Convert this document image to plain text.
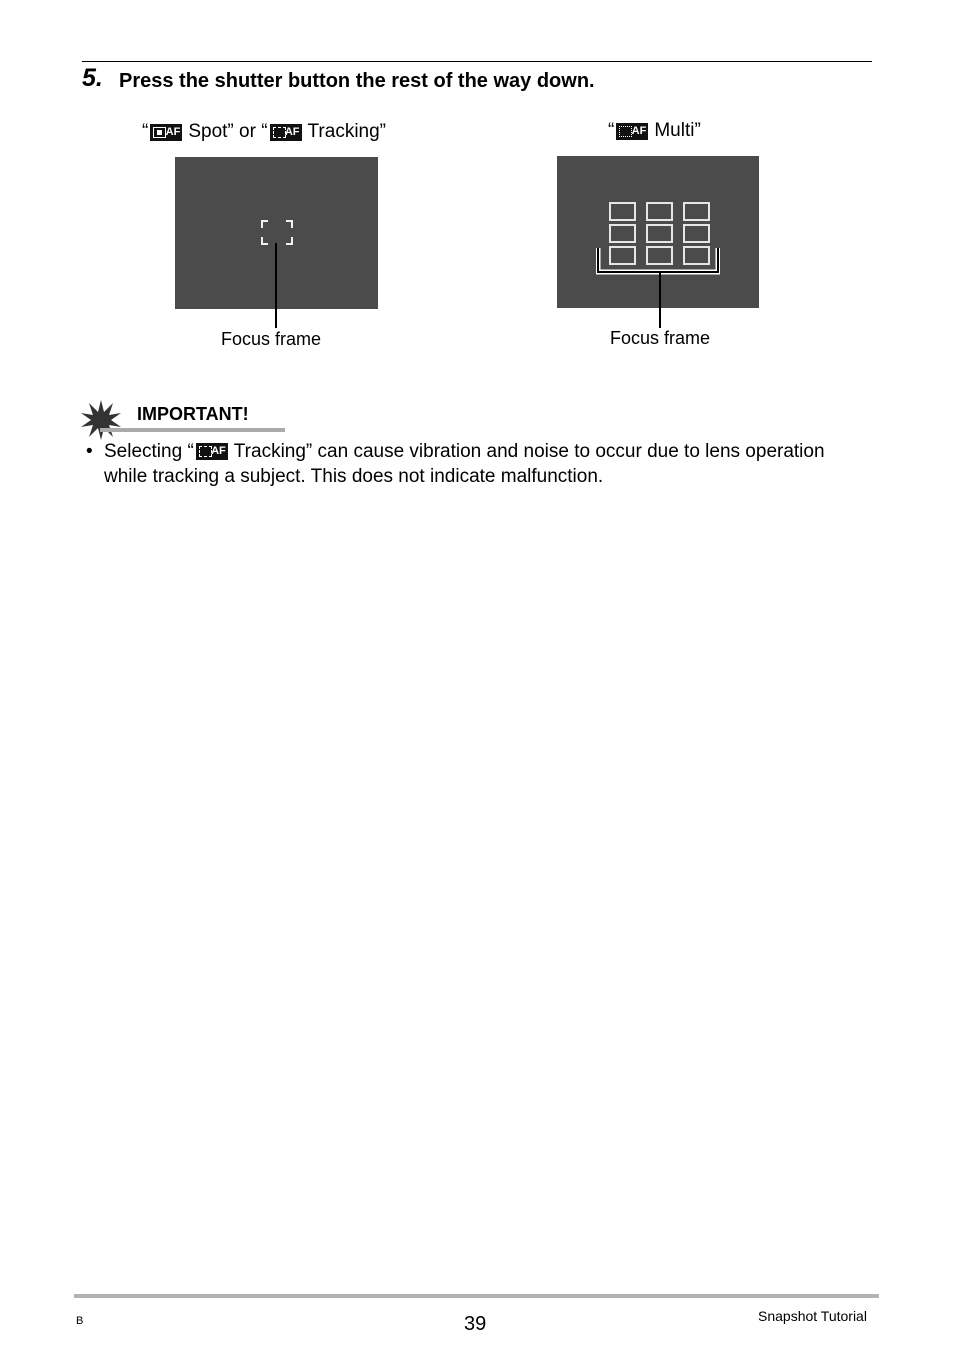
5. Press the shutter button the rest of the way down.
“ AF Spot” or “ AF Tracking”	“ AF Multi”
Focus frame	Focus frame
IMPORTANT!
• Selecting “ AF Tracking” can cause vibration and noise to occur due to lens operation while tracking a subject. This does not indicate malfunction.
B	39	Snapshot Tutorial
